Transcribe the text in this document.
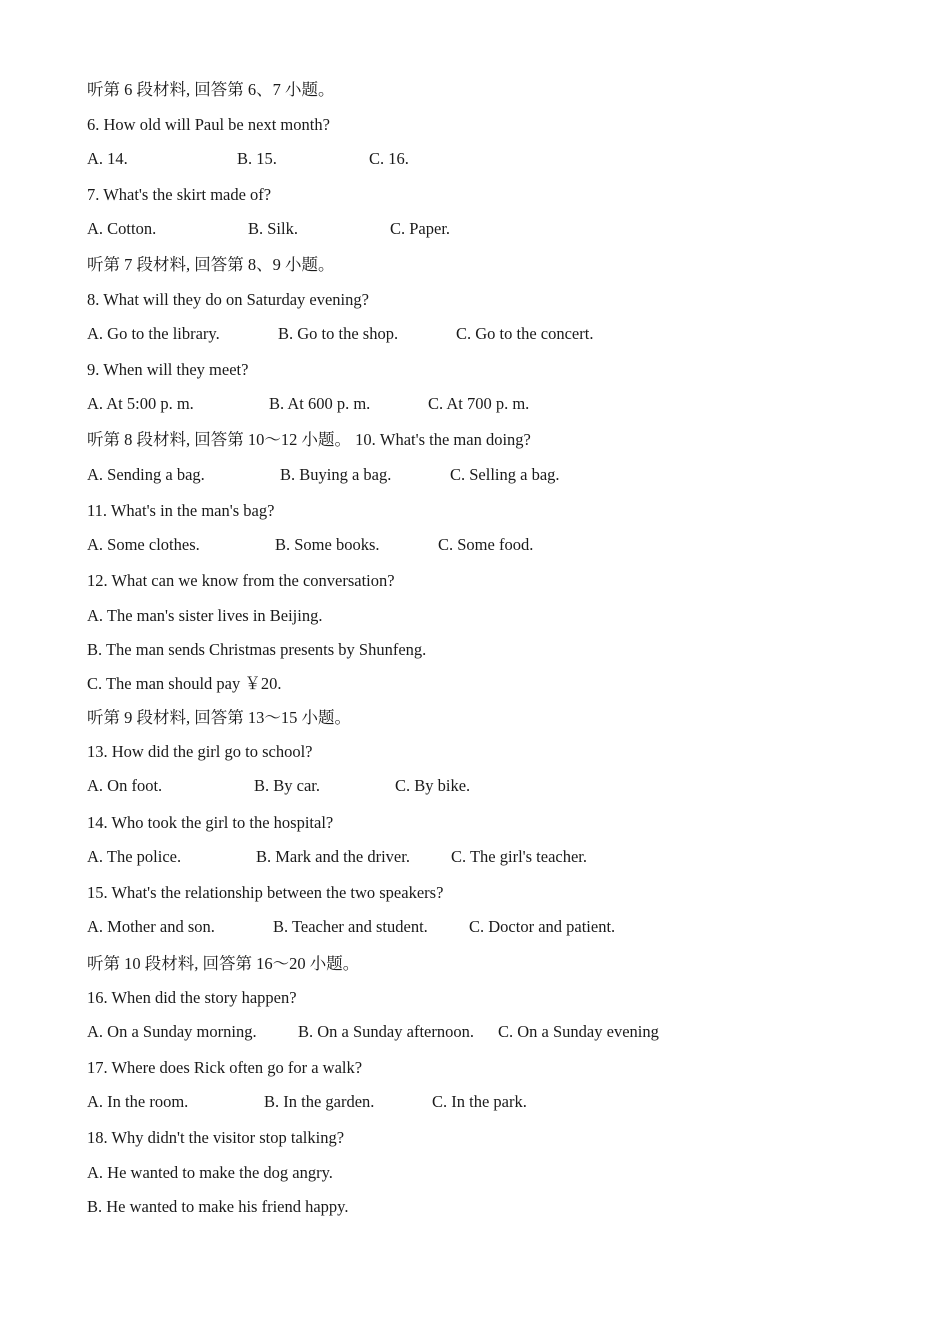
听第 6 段材料, 回答第 6、7 小题。
6. How old will Paul be next month?
A. 14.	B. 15.	C. 16.
7. What's the skirt made of?
A. Cotton.	B. Silk.	C. Paper.
听第 7 段材料, 回答第 8、9 小题。
8. What will they do on Saturday evening?
A. Go to the library.	B. Go to the shop.	C. Go to the concert.
9. When will they meet?
A. At 5:00 p. m.	B. At 600 p. m.	C. At 700 p. m.
听第 8 段材料, 回答第 10～12 小题。 10. What's the man doing?
A. Sending a bag.	B. Buying a bag.	C. Selling a bag.
11. What's in the man's bag?
A. Some clothes.	B. Some books.	C. Some food.
12. What can we know from the conversation?
A. The man's sister lives in Beijing.
B. The man sends Christmas presents by Shunfeng.
C. The man should pay ￥20.
听第 9 段材料, 回答第 13～15 小题。
13. How did the girl go to school?
A. On foot.	B. By car.	C. By bike.
14. Who took the girl to the hospital?
A. The police.	B. Mark and the driver. C. The girl's teacher.
15. What's the relationship between the two speakers?
A. Mother and son.	B. Teacher and student. C. Doctor and patient.
听第 10 段材料, 回答第 16～20 小题。
16. When did the story happen?
A. On a Sunday morning.	B. On a Sunday afternoon. C. On a Sunday evening
17. Where does Rick often go for a walk?
A. In the room.	B. In the garden.	C. In the park.
18. Why didn't the visitor stop talking?
A. He wanted to make the dog angry.
B. He wanted to make his friend happy.
